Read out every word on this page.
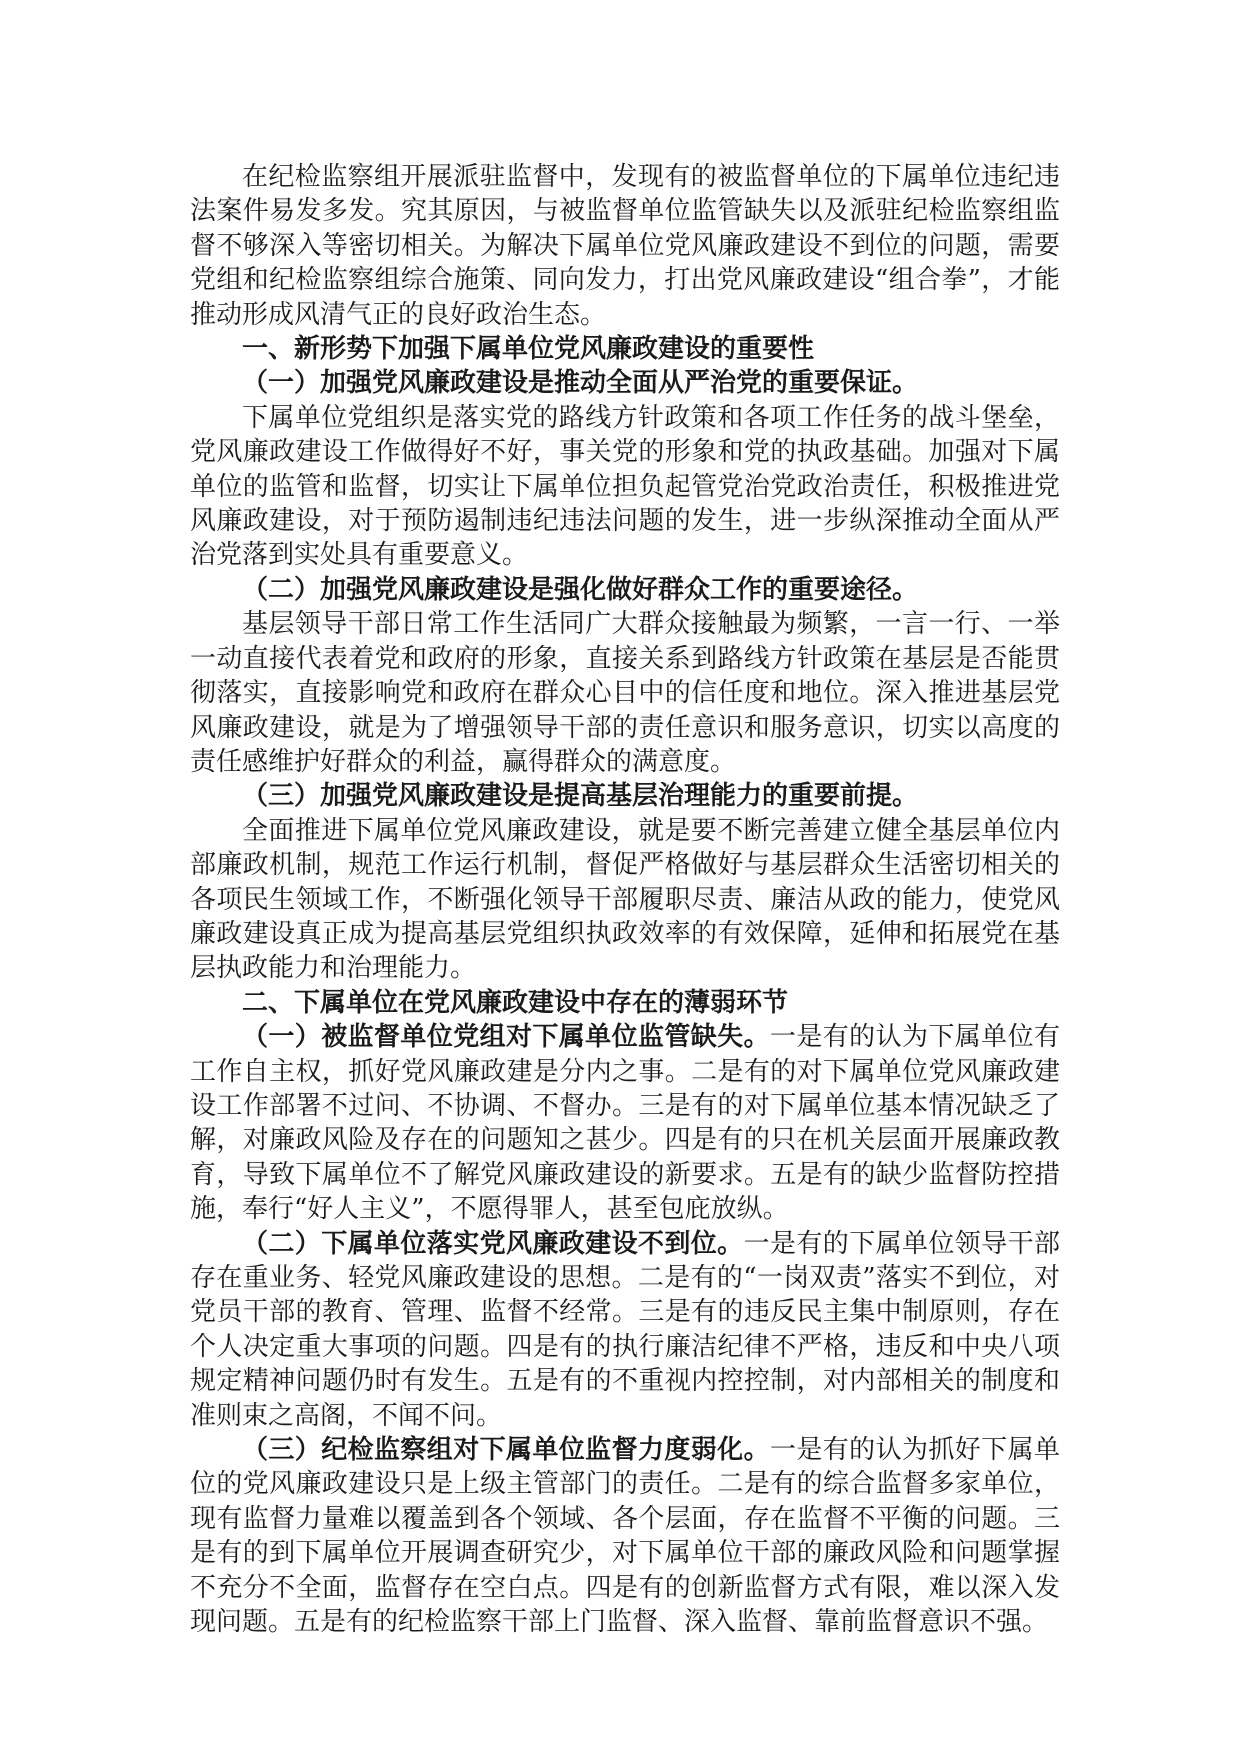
在纪检监察组开展派驻监督中，发现有的被监督单位的下属单位违纪违法案件易发多发。究其原因，与被监督单位监管缺失以及派驻纪检监察组监督不够深入等密切相关。为解决下属单位党风廉政建设不到位的问题，需要党组和纪检监察组综合施策、同向发力，打出党风廉政建设“组合拳”，才能推动形成风清气正的良好政治生态。

一、新形势下加强下属单位党风廉政建设的重要性
（一）加强党风廉政建设是推动全面从严治党的重要保证。

下属单位党组织是落实党的路线方针政策和各项工作任务的战斗堡垒，党风廉政建设工作做得好不好，事关党的形象和党的执政基础。加强对下属单位的监管和监督，切实让下属单位担负起管党治党政治责任，积极推进党风廉政建设，对于预防遏制违纪违法问题的发生，进一步纵深推动全面从严治党落到实处具有重要意义。

（二）加强党风廉政建设是强化做好群众工作的重要途径。

基层领导干部日常工作生活同广大群众接触最为频繁，一言一行、一举一动直接代表着党和政府的形象，直接关系到路线方针政策在基层是否能贯彻落实，直接影响党和政府在群众心目中的信任度和地位。深入推进基层党风廉政建设，就是为了增强领导干部的责任意识和服务意识，切实以高度的责任感维护好群众的利益，赢得群众的满意度。

（三）加强党风廉政建设是提高基层治理能力的重要前提。

全面推进下属单位党风廉政建设，就是要不断完善建立健全基层单位内部廉政机制，规范工作运行机制，督促严格做好与基层群众生活密切相关的各项民生领域工作，不断强化领导干部履职尽责、廉洁从政的能力，使党风廉政建设真正成为提高基层党组织执政效率的有效保障，延伸和拓展党在基层执政能力和治理能力。

二、下属单位在党风廉政建设中存在的薄弱环节

（一）被监督单位党组对下属单位监管缺失。一是有的认为下属单位有工作自主权，抓好党风廉政建是分内之事。二是有的对下属单位党风廉政建设工作部署不过问、不协调、不督办。三是有的对下属单位基本情况缺乏了解，对廉政风险及存在的问题知之甚少。四是有的只在机关层面开展廉政教育，导致下属单位不了解党风廉政建设的新要求。五是有的缺少监督防控措施，奉行“好人主义”，不愿得罪人，甚至包庇放纵。

（二）下属单位落实党风廉政建设不到位。一是有的下属单位领导干部存在重业务、轻党风廉政建设的思想。二是有的“一岗双责”落实不到位，对党员干部的教育、管理、监督不经常。三是有的违反民主集中制原则，存在个人决定重大事项的问题。四是有的执行廉洁纪律不严格，违反和中央八项规定精神问题仍时有发生。五是有的不重视内控控制，对内部相关的制度和准则束之高阁，不闻不问。

（三）纪检监察组对下属单位监督力度弱化。一是有的认为抓好下属单位的党风廉政建设只是上级主管部门的责任。二是有的综合监督多家单位，现有监督力量难以覆盖到各个领域、各个层面，存在监督不平衡的问题。三是有的到下属单位开展调查研究少，对下属单位干部的廉政风险和问题掌握不充分不全面，监督存在空白点。四是有的创新监督方式有限，难以深入发现问题。五是有的纪检监察干部上门监督、深入监督、靠前监督意识不强。
